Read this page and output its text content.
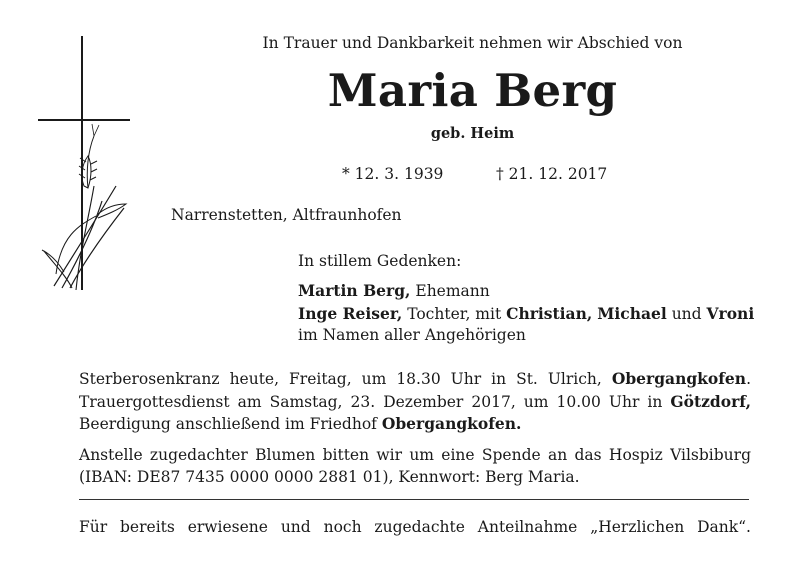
In Trauer und Dankbarkeit nehmen wir Abschied von
Maria Berg
geb. Heim
* 12. 3. 1939	† 21. 12. 2017
Narrenstetten, Altfraunhofen
In stillem Gedenken:
Martin Berg, Ehemann
Inge Reiser, Tochter, mit Christian, Michael und Vroni
im Namen aller Angehörigen
Sterberosenkranz heute, Freitag, um 18.30 Uhr in St. Ulrich, Obergangkofen. Trauergottesdienst am Samstag, 23. Dezember 2017, um 10.00 Uhr in Götzdorf, Beerdigung anschließend im Friedhof Obergangkofen.
Anstelle zugedachter Blumen bitten wir um eine Spende an das Hospiz Vilsbiburg (IBAN: DE87 7435 0000 0000 2881 01), Kennwort: Berg Maria.
Für bereits erwiesene und noch zugedachte Anteilnahme „Herzlichen Dank“.
